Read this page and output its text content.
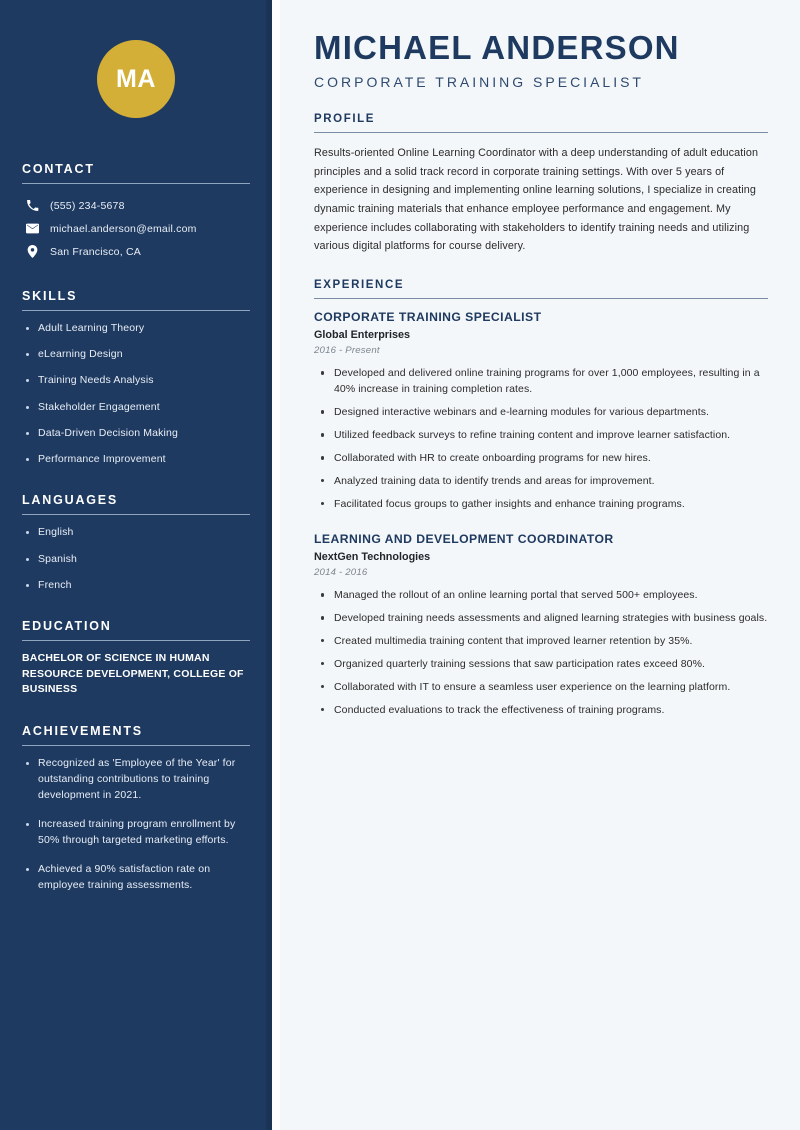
MA
CONTACT
(555) 234-5678
michael.anderson@email.com
San Francisco, CA
SKILLS
Adult Learning Theory
eLearning Design
Training Needs Analysis
Stakeholder Engagement
Data-Driven Decision Making
Performance Improvement
LANGUAGES
English
Spanish
French
EDUCATION
BACHELOR OF SCIENCE IN HUMAN RESOURCE DEVELOPMENT, COLLEGE OF BUSINESS
ACHIEVEMENTS
Recognized as 'Employee of the Year' for outstanding contributions to training development in 2021.
Increased training program enrollment by 50% through targeted marketing efforts.
Achieved a 90% satisfaction rate on employee training assessments.
MICHAEL ANDERSON
CORPORATE TRAINING SPECIALIST
PROFILE

Results-oriented Online Learning Coordinator with a deep understanding of adult education principles and a solid track record in corporate training settings. With over 5 years of experience in designing and implementing online learning solutions, I specialize in creating dynamic training materials that enhance employee performance and engagement. My experience includes collaborating with stakeholders to identify training needs and utilizing various digital platforms for course delivery.

EXPERIENCE
CORPORATE TRAINING SPECIALIST
Global Enterprises
2016 - Present
Developed and delivered online training programs for over 1,000 employees, resulting in a 40% increase in training completion rates.
Designed interactive webinars and e-learning modules for various departments.
Utilized feedback surveys to refine training content and improve learner satisfaction.
Collaborated with HR to create onboarding programs for new hires.
Analyzed training data to identify trends and areas for improvement.
Facilitated focus groups to gather insights and enhance training programs.
LEARNING AND DEVELOPMENT COORDINATOR
NextGen Technologies
2014 - 2016
Managed the rollout of an online learning portal that served 500+ employees.
Developed training needs assessments and aligned learning strategies with business goals.
Created multimedia training content that improved learner retention by 35%.
Organized quarterly training sessions that saw participation rates exceed 80%.
Collaborated with IT to ensure a seamless user experience on the learning platform.
Conducted evaluations to track the effectiveness of training programs.
